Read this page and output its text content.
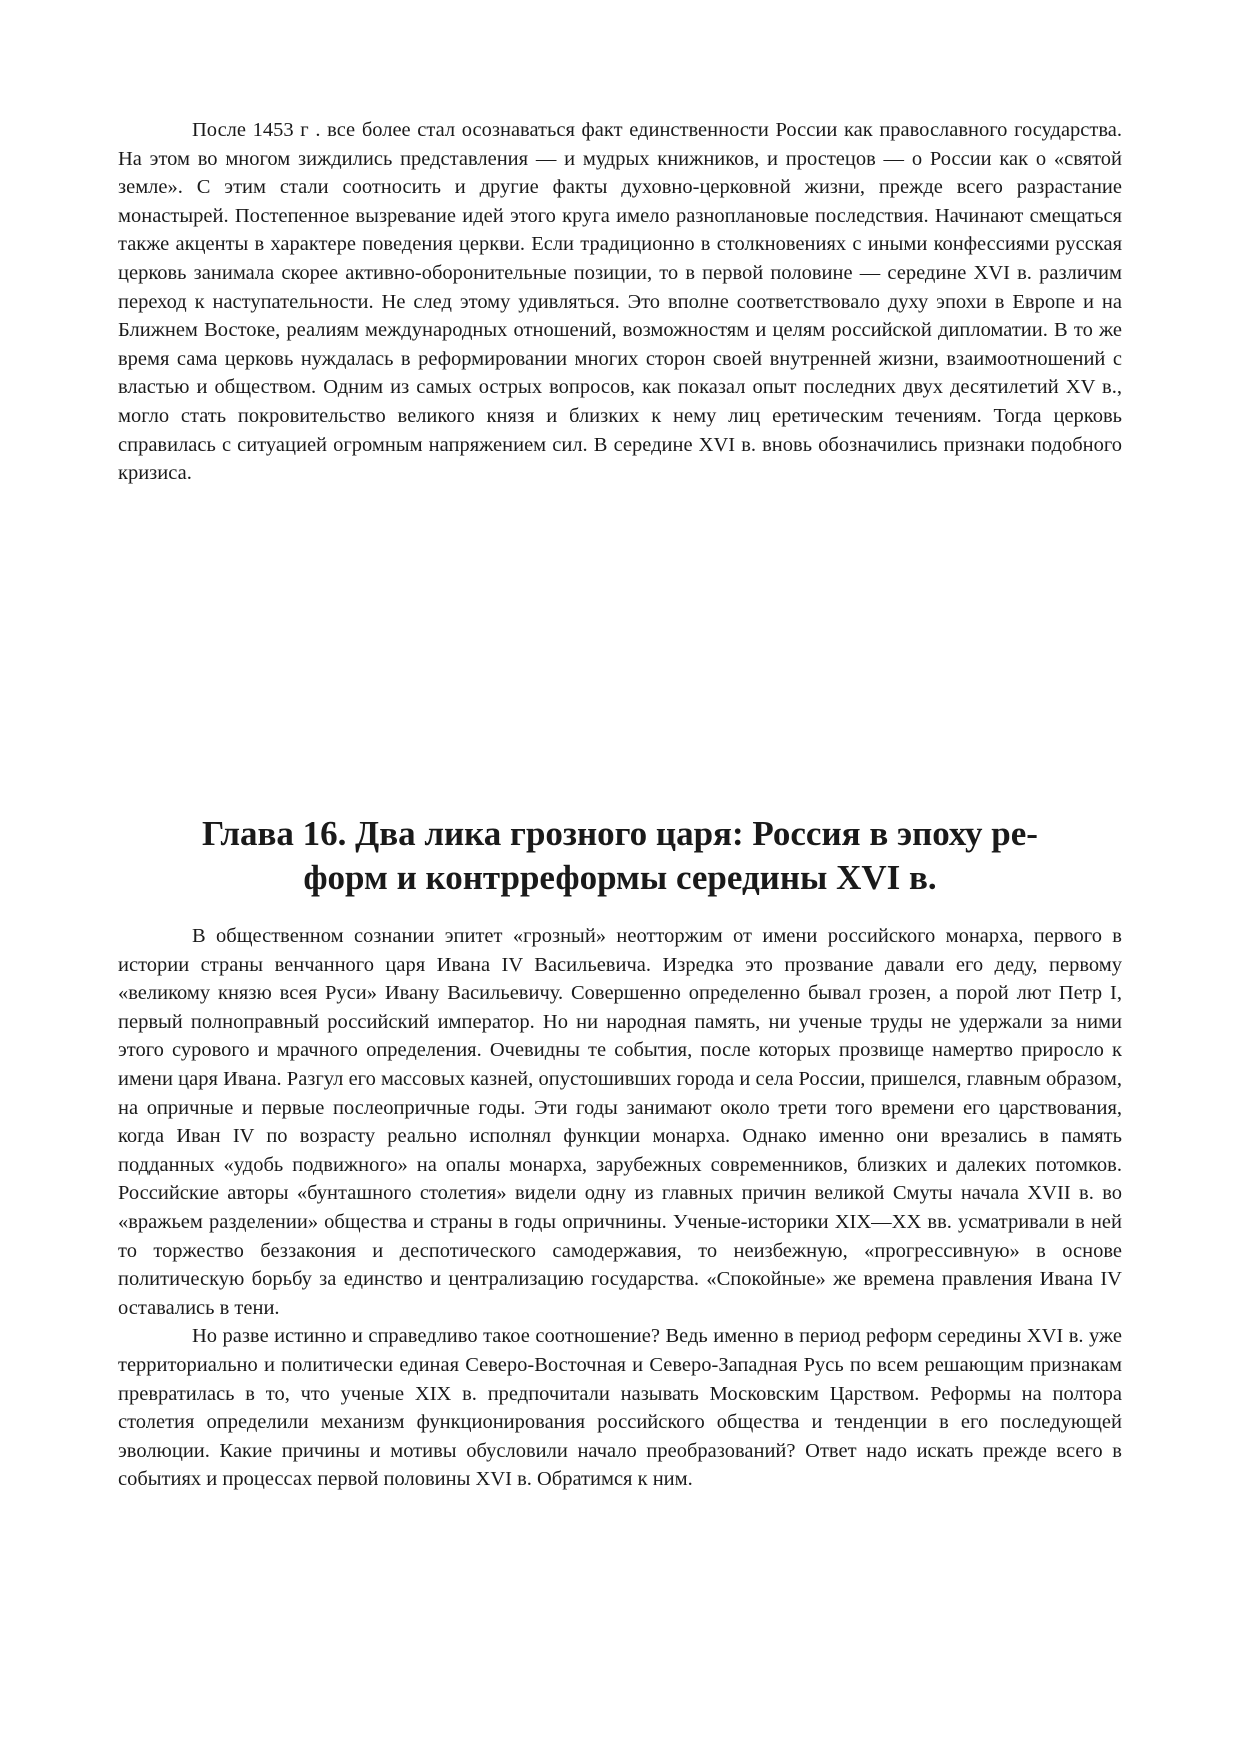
После 1453 г . все более стал осознаваться факт единственности России как православного государства. На этом во многом зиждились представления — и мудрых книжников, и простецов — о России как о «святой земле». С этим стали соотносить и другие факты духовно-церковной жизни, прежде всего разрастание монастырей. Постепенное вызревание идей этого круга имело разноплановые последствия. Начинают смещаться также акценты в характере поведения церкви. Если традиционно в столкновениях с иными конфессиями русская церковь занимала скорее активно-оборонительные позиции, то в первой половине — середине XVI в. различим переход к наступательности. Не след этому удивляться. Это вполне соответствовало духу эпохи в Европе и на Ближнем Востоке, реалиям международных отношений, возможностям и целям российской дипломатии. В то же время сама церковь нуждалась в реформировании многих сторон своей внутренней жизни, взаимоотношений с властью и обществом. Одним из самых острых вопросов, как показал опыт последних двух десятилетий XV в., могло стать покровительство великого князя и близких к нему лиц еретическим течениям. Тогда церковь справилась с ситуацией огромным напряжением сил. В середине XVI в. вновь обозначились признаки подобного кризиса.

Глава 16. Два лика грозного царя: Россия в эпоху ре-
форм и контрреформы середины XVI в.

В общественном сознании эпитет «грозный» неотторжим от имени российского монарха, первого в истории страны венчанного царя Ивана IV Васильевича. Изредка это прозвание давали его деду, первому «великому князю всея Руси» Ивану Васильевичу. Совершенно определенно бывал грозен, а порой лют Петр I, первый полноправный российский император. Но ни народная память, ни ученые труды не удержали за ними этого сурового и мрачного определения. Очевидны те события, после которых прозвище намертво приросло к имени царя Ивана. Разгул его массовых казней, опустошивших города и села России, пришелся, главным образом, на опричные и первые послеопричные годы. Эти годы занимают около трети того времени его царствования, когда Иван IV по возрасту реально исполнял функции монарха. Однако именно они врезались в память подданных «удобь подвижного» на опалы монарха, зарубежных современников, близких и далеких потомков. Российские авторы «бунташного столетия» видели одну из главных причин великой Смуты начала XVII в. во «вражьем разделении» общества и страны в годы опричнины. Ученые-историки XIX—XX вв. усматривали в ней то торжество беззакония и деспотического самодержавия, то неизбежную, «прогрессивную» в основе политическую борьбу за единство и централизацию государства. «Спокойные» же времена правления Ивана IV оставались в тени.

Но разве истинно и справедливо такое соотношение? Ведь именно в период реформ середины XVI в. уже территориально и политически единая Северо-Восточная и Северо-Западная Русь по всем решающим признакам превратилась в то, что ученые XIX в. предпочитали называть Московским Царством. Реформы на полтора столетия определили механизм функционирования российского общества и тенденции в его последующей эволюции. Какие причины и мотивы обусловили начало преобразований? Ответ надо искать прежде всего в событиях и процессах первой половины XVI в. Обратимся к ним.
